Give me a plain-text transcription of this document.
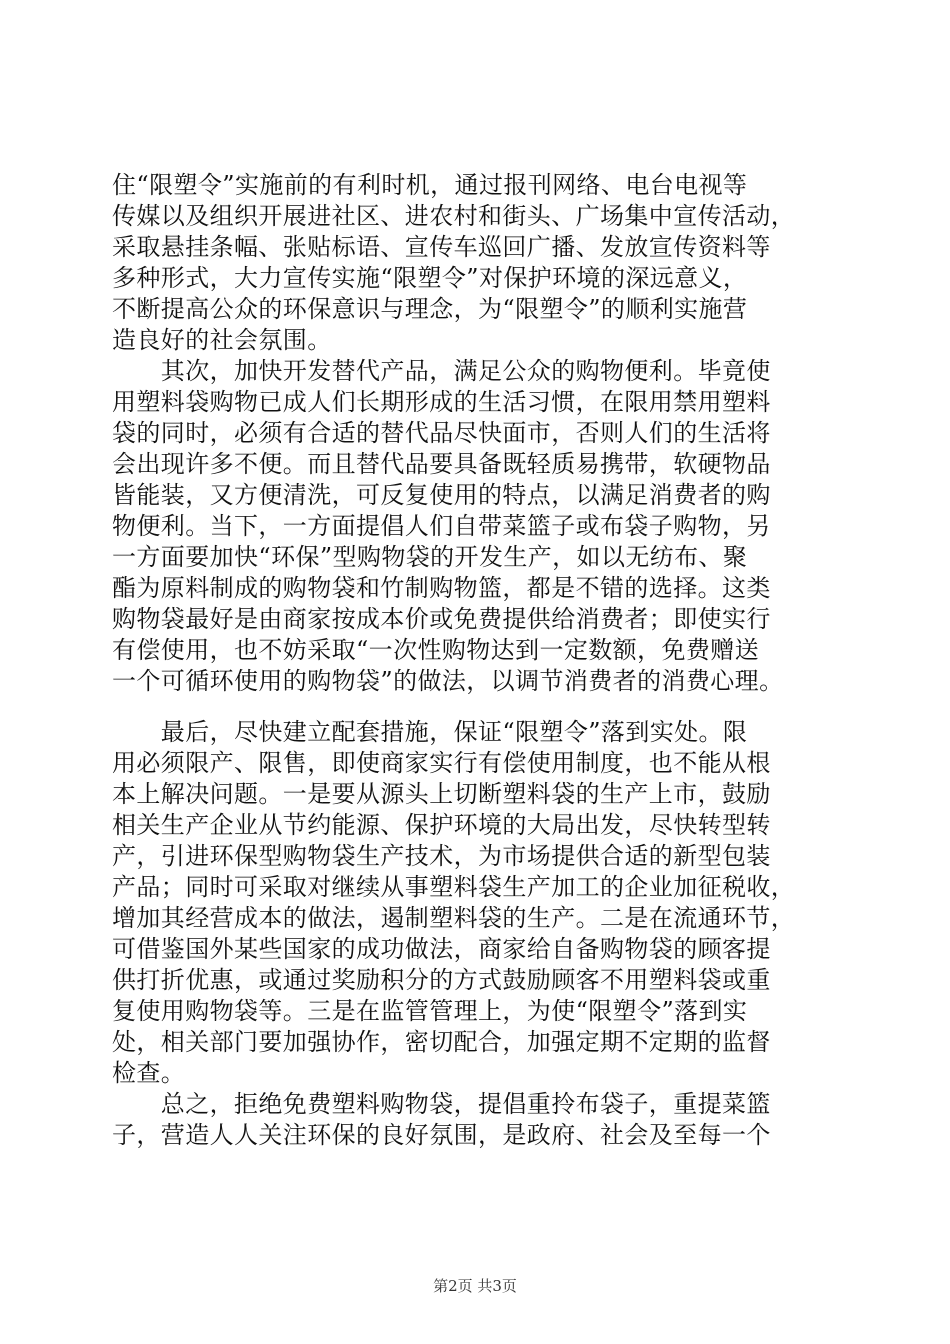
住“限塑令”实施前的有利时机，通过报刊网络、电台电视等
传媒以及组织开展进社区、进农村和街头、广场集中宣传活动，
采取悬挂条幅、张贴标语、宣传车巡回广播、发放宣传资料等
多种形式，大力宣传实施“限塑令”对保护环境的深远意义，
不断提高公众的环保意识与理念，为“限塑令”的顺利实施营
造良好的社会氛围。
　　其次，加快开发替代产品，满足公众的购物便利。毕竟使
用塑料袋购物已成人们长期形成的生活习惯，在限用禁用塑料
袋的同时，必须有合适的替代品尽快面市，否则人们的生活将
会出现许多不便。而且替代品要具备既轻质易携带，软硬物品
皆能装，又方便清洗，可反复使用的特点，以满足消费者的购
物便利。当下，一方面提倡人们自带菜篮子或布袋子购物，另
一方面要加快“环保”型购物袋的开发生产，如以无纺布、聚
酯为原料制成的购物袋和竹制购物篮，都是不错的选择。这类
购物袋最好是由商家按成本价或免费提供给消费者；即使实行
有偿使用，也不妨采取“一次性购物达到一定数额，免费赠送
一个可循环使用的购物袋”的做法，以调节消费者的消费心理。
　　最后，尽快建立配套措施，保证“限塑令”落到实处。限
用必须限产、限售，即使商家实行有偿使用制度，也不能从根
本上解决问题。一是要从源头上切断塑料袋的生产上市，鼓励
相关生产企业从节约能源、保护环境的大局出发，尽快转型转
产，引进环保型购物袋生产技术，为市场提供合适的新型包装
产品；同时可采取对继续从事塑料袋生产加工的企业加征税收，
增加其经营成本的做法，遏制塑料袋的生产。二是在流通环节，
可借鉴国外某些国家的成功做法，商家给自备购物袋的顾客提
供打折优惠，或通过奖励积分的方式鼓励顾客不用塑料袋或重
复使用购物袋等。三是在监管管理上，为使“限塑令”落到实
处，相关部门要加强协作，密切配合，加强定期不定期的监督
检查。
　　总之，拒绝免费塑料购物袋，提倡重拎布袋子，重提菜篮
子，营造人人关注环保的良好氛围，是政府、社会及至每一个
第2页 共3页
